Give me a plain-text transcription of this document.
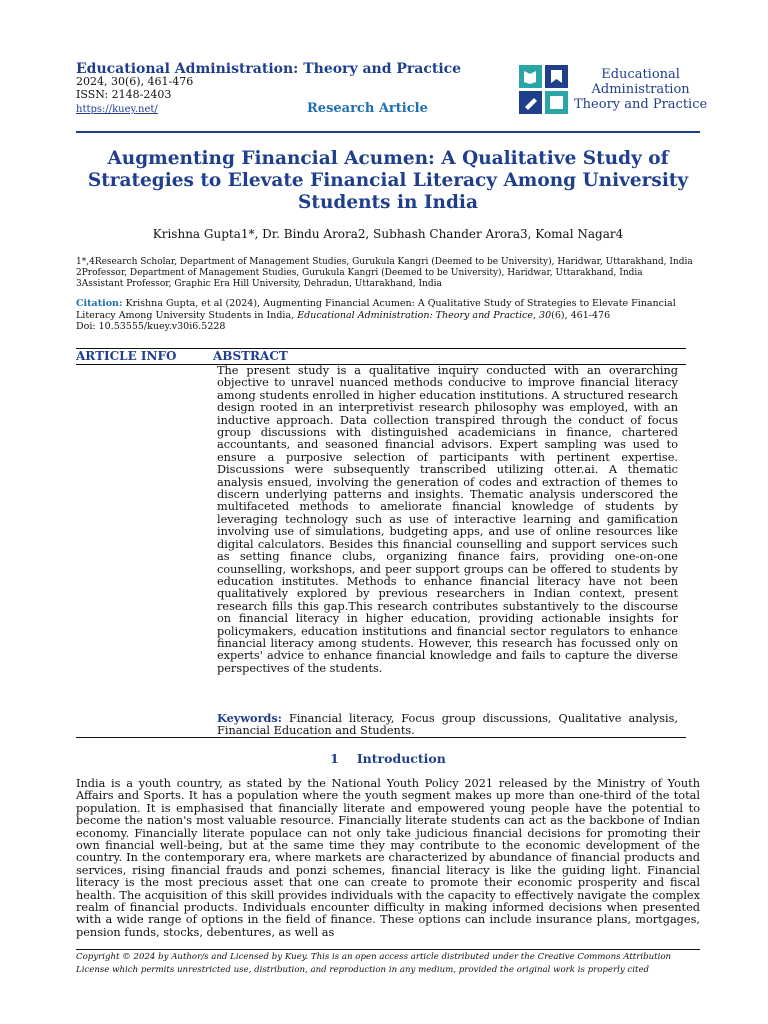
Educational Administration: Theory and Practice
2024, 30(6), 461-476
ISSN: 2148-2403
https://kuey.net/	Research Article
Educational
Administration
Theory and Practice
Augmenting Financial Acumen: A Qualitative Study of Strategies to Elevate Financial Literacy Among University Students in India
Krishna Gupta1*, Dr. Bindu Arora2, Subhash Chander Arora3, Komal Nagar4
1*,4Research Scholar, Department of Management Studies, Gurukula Kangri (Deemed to be University), Haridwar, Uttarakhand, India
2Professor, Department of Management Studies, Gurukula Kangri (Deemed to be University), Haridwar, Uttarakhand, India
3Assistant Professor, Graphic Era Hill University, Dehradun, Uttarakhand, India
Citation: Krishna Gupta, et al (2024), Augmenting Financial Acumen: A Qualitative Study of Strategies to Elevate Financial Literacy Among University Students in India, Educational Administration: Theory and Practice, 30(6), 461-476
Doi: 10.53555/kuey.v30i6.5228
ARTICLE INFO	ABSTRACT
The present study is a qualitative inquiry conducted with an overarching objective to unravel nuanced methods conducive to improve financial literacy among students enrolled in higher education institutions. A structured research design rooted in an interpretivist research philosophy was employed, with an inductive approach. Data collection transpired through the conduct of focus group discussions with distinguished academicians in finance, chartered accountants, and seasoned financial advisors. Expert sampling was used to ensure a purposive selection of participants with pertinent expertise. Discussions were subsequently transcribed utilizing otter.ai. A thematic analysis ensued, involving the generation of codes and extraction of themes to discern underlying patterns and insights. Thematic analysis underscored the multifaceted methods to ameliorate financial knowledge of students by leveraging technology such as use of interactive learning and gamification involving use of simulations, budgeting apps, and use of online resources like digital calculators. Besides this financial counselling and support services such as setting finance clubs, organizing finance fairs, providing one-on-one counselling, workshops, and peer support groups can be offered to students by education institutes. Methods to enhance financial literacy have not been qualitatively explored by previous researchers in Indian context, present research fills this gap.This research contributes substantively to the discourse on financial literacy in higher education, providing actionable insights for policymakers, education institutions and financial sector regulators to enhance financial literacy among students. However, this research has focussed only on experts' advice to enhance financial knowledge and fails to capture the diverse perspectives of the students.
Keywords: Financial literacy, Focus group discussions, Qualitative analysis, Financial Education and Students.
1 Introduction
India is a youth country, as stated by the National Youth Policy 2021 released by the Ministry of Youth Affairs and Sports. It has a population where the youth segment makes up more than one-third of the total population. It is emphasised that financially literate and empowered young people have the potential to become the nation's most valuable resource. Financially literate students can act as the backbone of Indian economy. Financially literate populace can not only take judicious financial decisions for promoting their own financial well-being, but at the same time they may contribute to the economic development of the country. In the contemporary era, where markets are characterized by abundance of financial products and services, rising financial frauds and ponzi schemes, financial literacy is like the guiding light. Financial literacy is the most precious asset that one can create to promote their economic prosperity and fiscal health. The acquisition of this skill provides individuals with the capacity to effectively navigate the complex realm of financial products. Individuals encounter difficulty in making informed decisions when presented with a wide range of options in the field of finance. These options can include insurance plans, mortgages, pension funds, stocks, debentures, as well as
Copyright © 2024 by Author/s and Licensed by Kuey. This is an open access article distributed under the Creative Commons Attribution License which permits unrestricted use, distribution, and reproduction in any medium, provided the original work is properly cited
